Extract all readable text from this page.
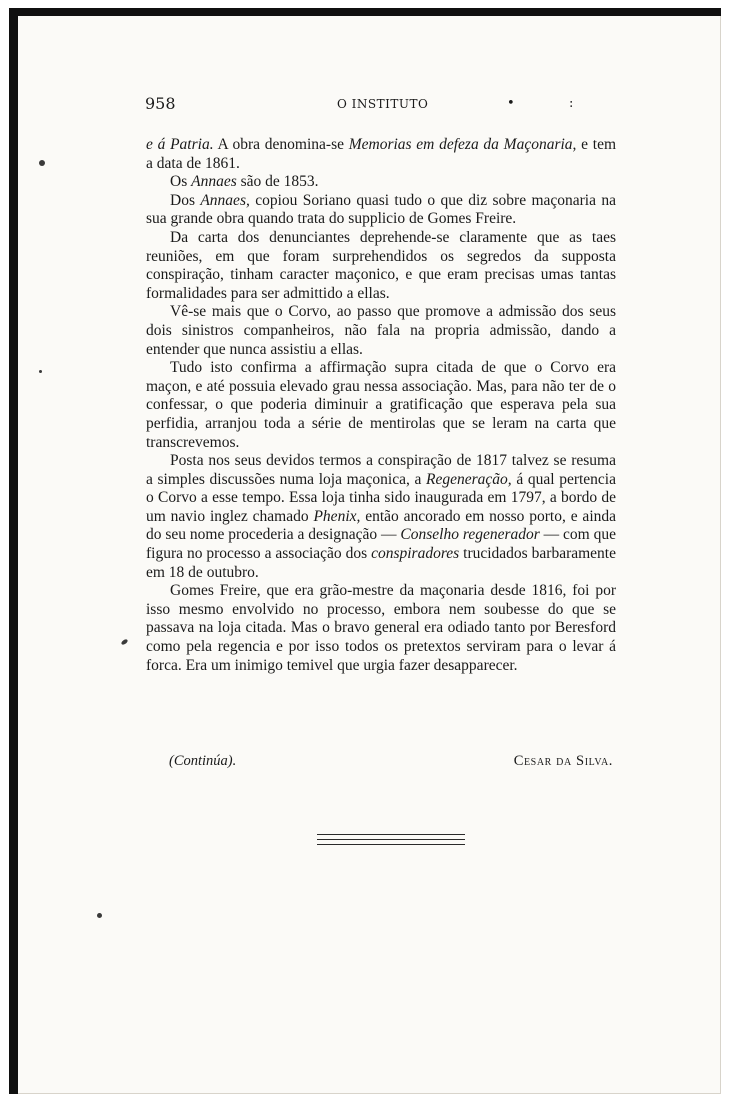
958	O INSTITUTO	•	:

e á Patria. A obra denomina-se Memorias em defeza da Maçonaria, e tem a data de 1861.

Os Annaes são de 1853.

Dos Annaes, copiou Soriano quasi tudo o que diz sobre maçonaria na sua grande obra quando trata do supplicio de Gomes Freire.

Da carta dos denunciantes deprehende-se claramente que as taes reuniões, em que foram surprehendidos os segredos da supposta conspiração, tinham caracter maçonico, e que eram precisas umas tantas formalidades para ser admittido a ellas.

Vê-se mais que o Corvo, ao passo que promove a admissão dos seus dois sinistros companheiros, não fala na propria admissão, dando a entender que nunca assistiu a ellas.

Tudo isto confirma a affirmação supra citada de que o Corvo era maçon, e até possuia elevado grau nessa associação. Mas, para não ter de o confessar, o que poderia diminuir a gratificação que esperava pela sua perfidia, arranjou toda a série de mentirolas que se leram na carta que transcrevemos.

Posta nos seus devidos termos a conspiração de 1817 talvez se resuma a simples discussões numa loja maçonica, a Regeneração, á qual pertencia o Corvo a esse tempo. Essa loja tinha sido inaugurada em 1797, a bordo de um navio inglez chamado Phenix, então ancorado em nosso porto, e ainda do seu nome procederia a designação — Conselho regenerador — com que figura no processo a associação dos conspiradores trucidados barbaramente em 18 de outubro.

Gomes Freire, que era grão-mestre da maçonaria desde 1816, foi por isso mesmo envolvido no processo, embora nem soubesse do que se passava na loja citada. Mas o bravo general era odiado tanto por Beresford como pela regencia e por isso todos os pretextos serviram para o levar á forca. Era um inimigo temivel que urgia fazer desapparecer.

(Continúa).	Cesar da Silva.
